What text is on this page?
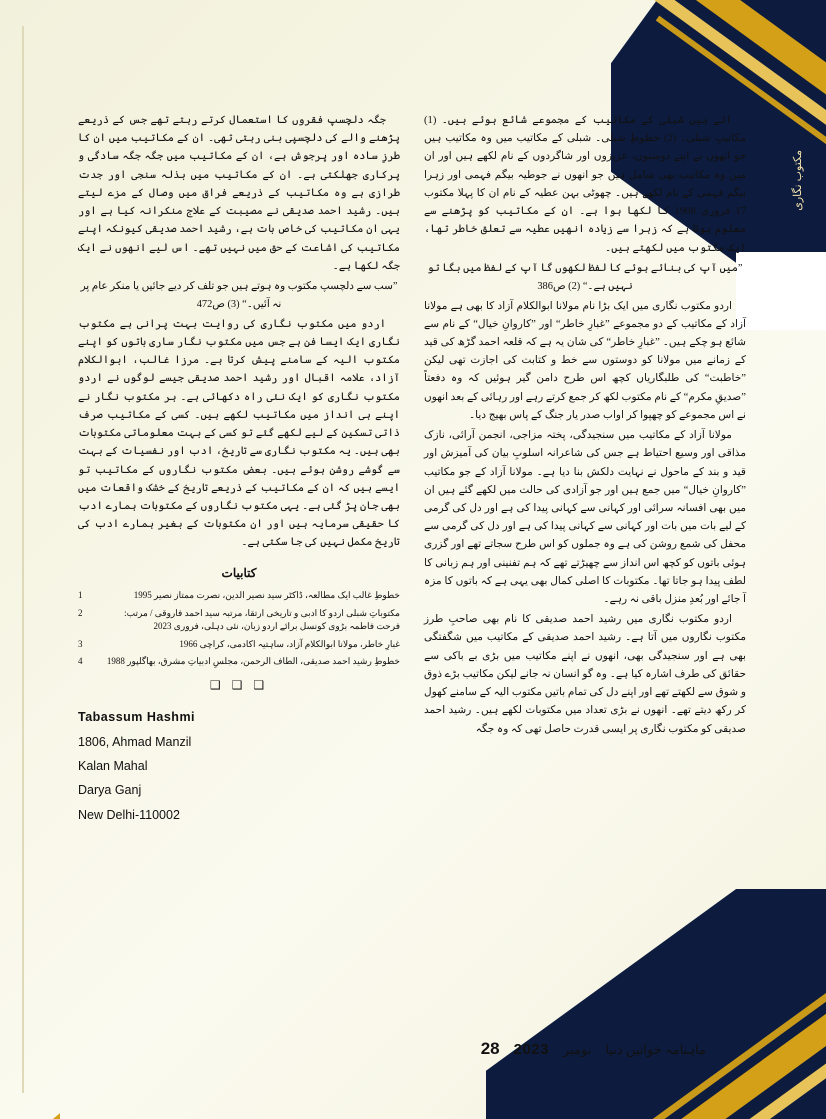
مکتوب نگاری

آتے ہیں شبلی کے مکاتیب کے مجموعے شائع ہوئے ہیں۔ (1) مکاتیبِ شبلی۔ (2) خطوطِ شبلی۔ شبلی کے مکاتیب میں وہ مکاتیب ہیں جو انھوں نے اپنے دوستوں، عزیزوں اور شاگردوں کے نام لکھے ہیں اور ان میں وہ مکاتیب بھی شامل ہیں جو انھوں نے جوطیہ بیگم فہمی اور زہرا بیگم فہمی کے نام لکھے ہیں۔ چھوٹی بہن عطیہ کے نام ان کا پہلا مکتوب 17 فروری 1908 کا لکھا ہوا ہے۔ ان کے مکاتیب کو پڑھنے سے معلوم ہوتا ہے کہ زہرا سے زیادہ انھیں عطیہ سے تعلق خاطر تھا، ایک مکتوب میں لکھتے ہیں۔

”میں آپ کی بنائے ہوئے کا لفظ لکھوں گا آپ کے لفظ میں بگا تو نہیں ہے۔“ (2) ص386

اردو مکتوب نگاری میں ایک بڑا نام مولانا ابوالکلام آزاد کا بھی ہے مولانا آزاد کے مکاتیب کے دو مجموعے ”غبارِ خاطر“ اور ”کاروانِ خیال“ کے نام سے شائع ہو چکے ہیں۔ ”غبارِ خاطر“ کی شان یہ ہے کہ قلعہ احمد گڑھ کی قید کے زمانے میں مولانا کو دوستوں سے خط و کتابت کی اجازت تھی لیکن ”خاطبت“ کی طلبگاریاں کچھ اس طرح دامن گیر ہوئیں کہ وہ دفعتاً ”صدیقِ مکرم“ کے نام مکتوب لکھ کر جمع کرتے رہے اور رہائی کے بعد انھوں نے اس مجموعے کو چھپوا کر اواب صدر یار جنگ کے پاس بھیج دیا۔

مولانا آزاد کے مکاتیب میں سنجیدگی، پختہ مزاجی، انجمن آرائی، نازک مذاقی اور وسیع احتیاط ہے جس کی شاعرانہ اسلوبِ بیان کی آمیزش اور قید و بند کے ماحول نے نہایت دلکش بنا دیا ہے۔ مولانا آزاد کے جو مکاتیب ”کاروانِ خیال“ میں جمع ہیں اور جو آزادی کی حالت میں لکھے گئے ہیں ان میں بھی افسانہ سرائی اور کہانی سے کہانی پیدا کی ہے اور دل کی گرمی کے لیے بات میں بات اور کہانی سے کہانی پیدا کی ہے اور دل کی گرمی سے محفل کی شمع روشن کی ہے وہ جملوں کو اس طرح سجاتے تھے اور گزری ہوئی باتوں کو کچھ اس انداز سے چھیڑتے تھے کہ ہم تفنینی اور ہم زبانی کا لطف پیدا ہو جاتا تھا۔ مکتوبات کا اصلی کمال بھی یہی ہے کہ باتوں کا مزہ آ جائے اور بُعدِ منزل باقی نہ رہے۔

اردو مکتوب نگاری میں رشید احمد صدیقی کا نام بھی صاحبِ طرز مکتوب نگاروں میں آتا ہے۔ رشید احمد صدیقی کے مکاتیب میں شگفتگی بھی ہے اور سنجیدگی بھی، انھوں نے اپنے مکاتیب میں بڑی بے باکی سے حقائق کی طرف اشارہ کیا ہے۔ وہ گو انسان نہ جانے لیکن مکاتیب بڑے ذوق و شوق سے لکھتے تھے اور اپنے دل کی تمام باتیں مکتوب الیہ کے سامنے کھول کر رکھ دیتے تھے۔ انھوں نے بڑی تعداد میں مکتوبات لکھے ہیں۔ رشید احمد صدیقی کو مکتوب نگاری پر ایسی قدرت حاصل تھی کہ وہ جگہ

جگہ دلچسپ فقروں کا استعمال کرتے رہتے تھے جس کے ذریعے پڑھنے والے کی دلچسپی بنی رہتی تھی۔ ان کے مکاتیب میں ان کا طرزِ سادہ اور پرجوش ہے، ان کے مکاتیب میں جگہ جگہ سادگی و پرکاری جھلکتی ہے۔ ان کے مکاتیب میں بذلہ سنجی اور جدت طرازی ہے وہ مکاتیب کے ذریعے فراق میں وصال کے مزے لیتے ہیں۔ رشید احمد صدیقی نے مصیبت کے علاج منکرانہ کیا ہے اور یہی ان مکاتیب کی خاص بات ہے، رشید احمد صدیقی کیونکہ اپنے مکاتیب کی اشاعت کے حق میں نہیں تھے۔ اس لیے انھوں نے ایک جگہ لکھا ہے۔

”سب سے دلچسپ مکتوب وہ ہوتے ہیں جو تلف کر دیے جائیں یا منکر عام پر نہ آئیں۔“ (3) ص472

اردو میں مکتوب نگاری کی روایت بہت پرانی ہے مکتوب نگاری ایک ایسا فن ہے جس میں مکتوب نگار ساری باتوں کو اپنے مکتوب الیہ کے سامنے پیش کرتا ہے۔ مرزا غالب، ابوالکلام آزاد، علامہ اقبال اور رشید احمد صدیقی جیسے لوگوں نے اردو مکتوب نگاری کو ایک نئی راہ دکھائی ہے۔ ہر مکتوب نگار نے اپنے ہی انداز میں مکاتیب لکھے ہیں۔ کسی کے مکاتیب صرف ذاتی تسکین کے لیے لکھے گئے تو کسی کے بہت معلوماتی مکتوبات بھی ہیں۔ یہ مکتوب نگاری سے تاریخ، ادب اور نفسیات کے بہت سے گوشے روشن ہوئے ہیں۔ بعض مکتوب نگاروں کے مکاتیب تو ایسے ہیں کہ ان کے مکاتیب کے ذریعے تاریخ کے خشک واقعات میں بھی جان پڑ گئی ہے۔ یہی مکتوب نگاروں کے مکتوبات ہمارے ادب کا حقیقی سرمایہ ہیں اور ان مکتوبات کے بغیر ہمارے ادب کی تاریخ مکمل نہیں کی جا سکتی ہے۔

کتابیات
خطوطِ غالب ایک مطالعہ، ڈاکٹر سید نصیر الدین، نصرت ممتاز نصیر 1995
1
مکتوباتِ شبلی اردو کا ادبی و تاریخی ارتقا، مرتبہ سید احمد فاروقی / مرتب: فرحت فاطمہ بڑوی کونسل برائے اردو زبان، نئی دہلی، فروری 2023
2
غبارِ خاطر، مولانا ابوالکلام آزاد، ساہتیہ اکادمی، کراچی 1966
3
خطوطِ رشید احمد صدیقی، الطاف الرحمن، مجلسِ ادبیاتِ مشرق، بھاگلپور 1988
4
❑ ❑ ❑
Tabassum Hashmi
1806, Ahmad Manzil
Kalan Mahal
Darya Ganj
New Delhi-110002
ماہنامہ خواتین دنیا
نومبر
2023
28
